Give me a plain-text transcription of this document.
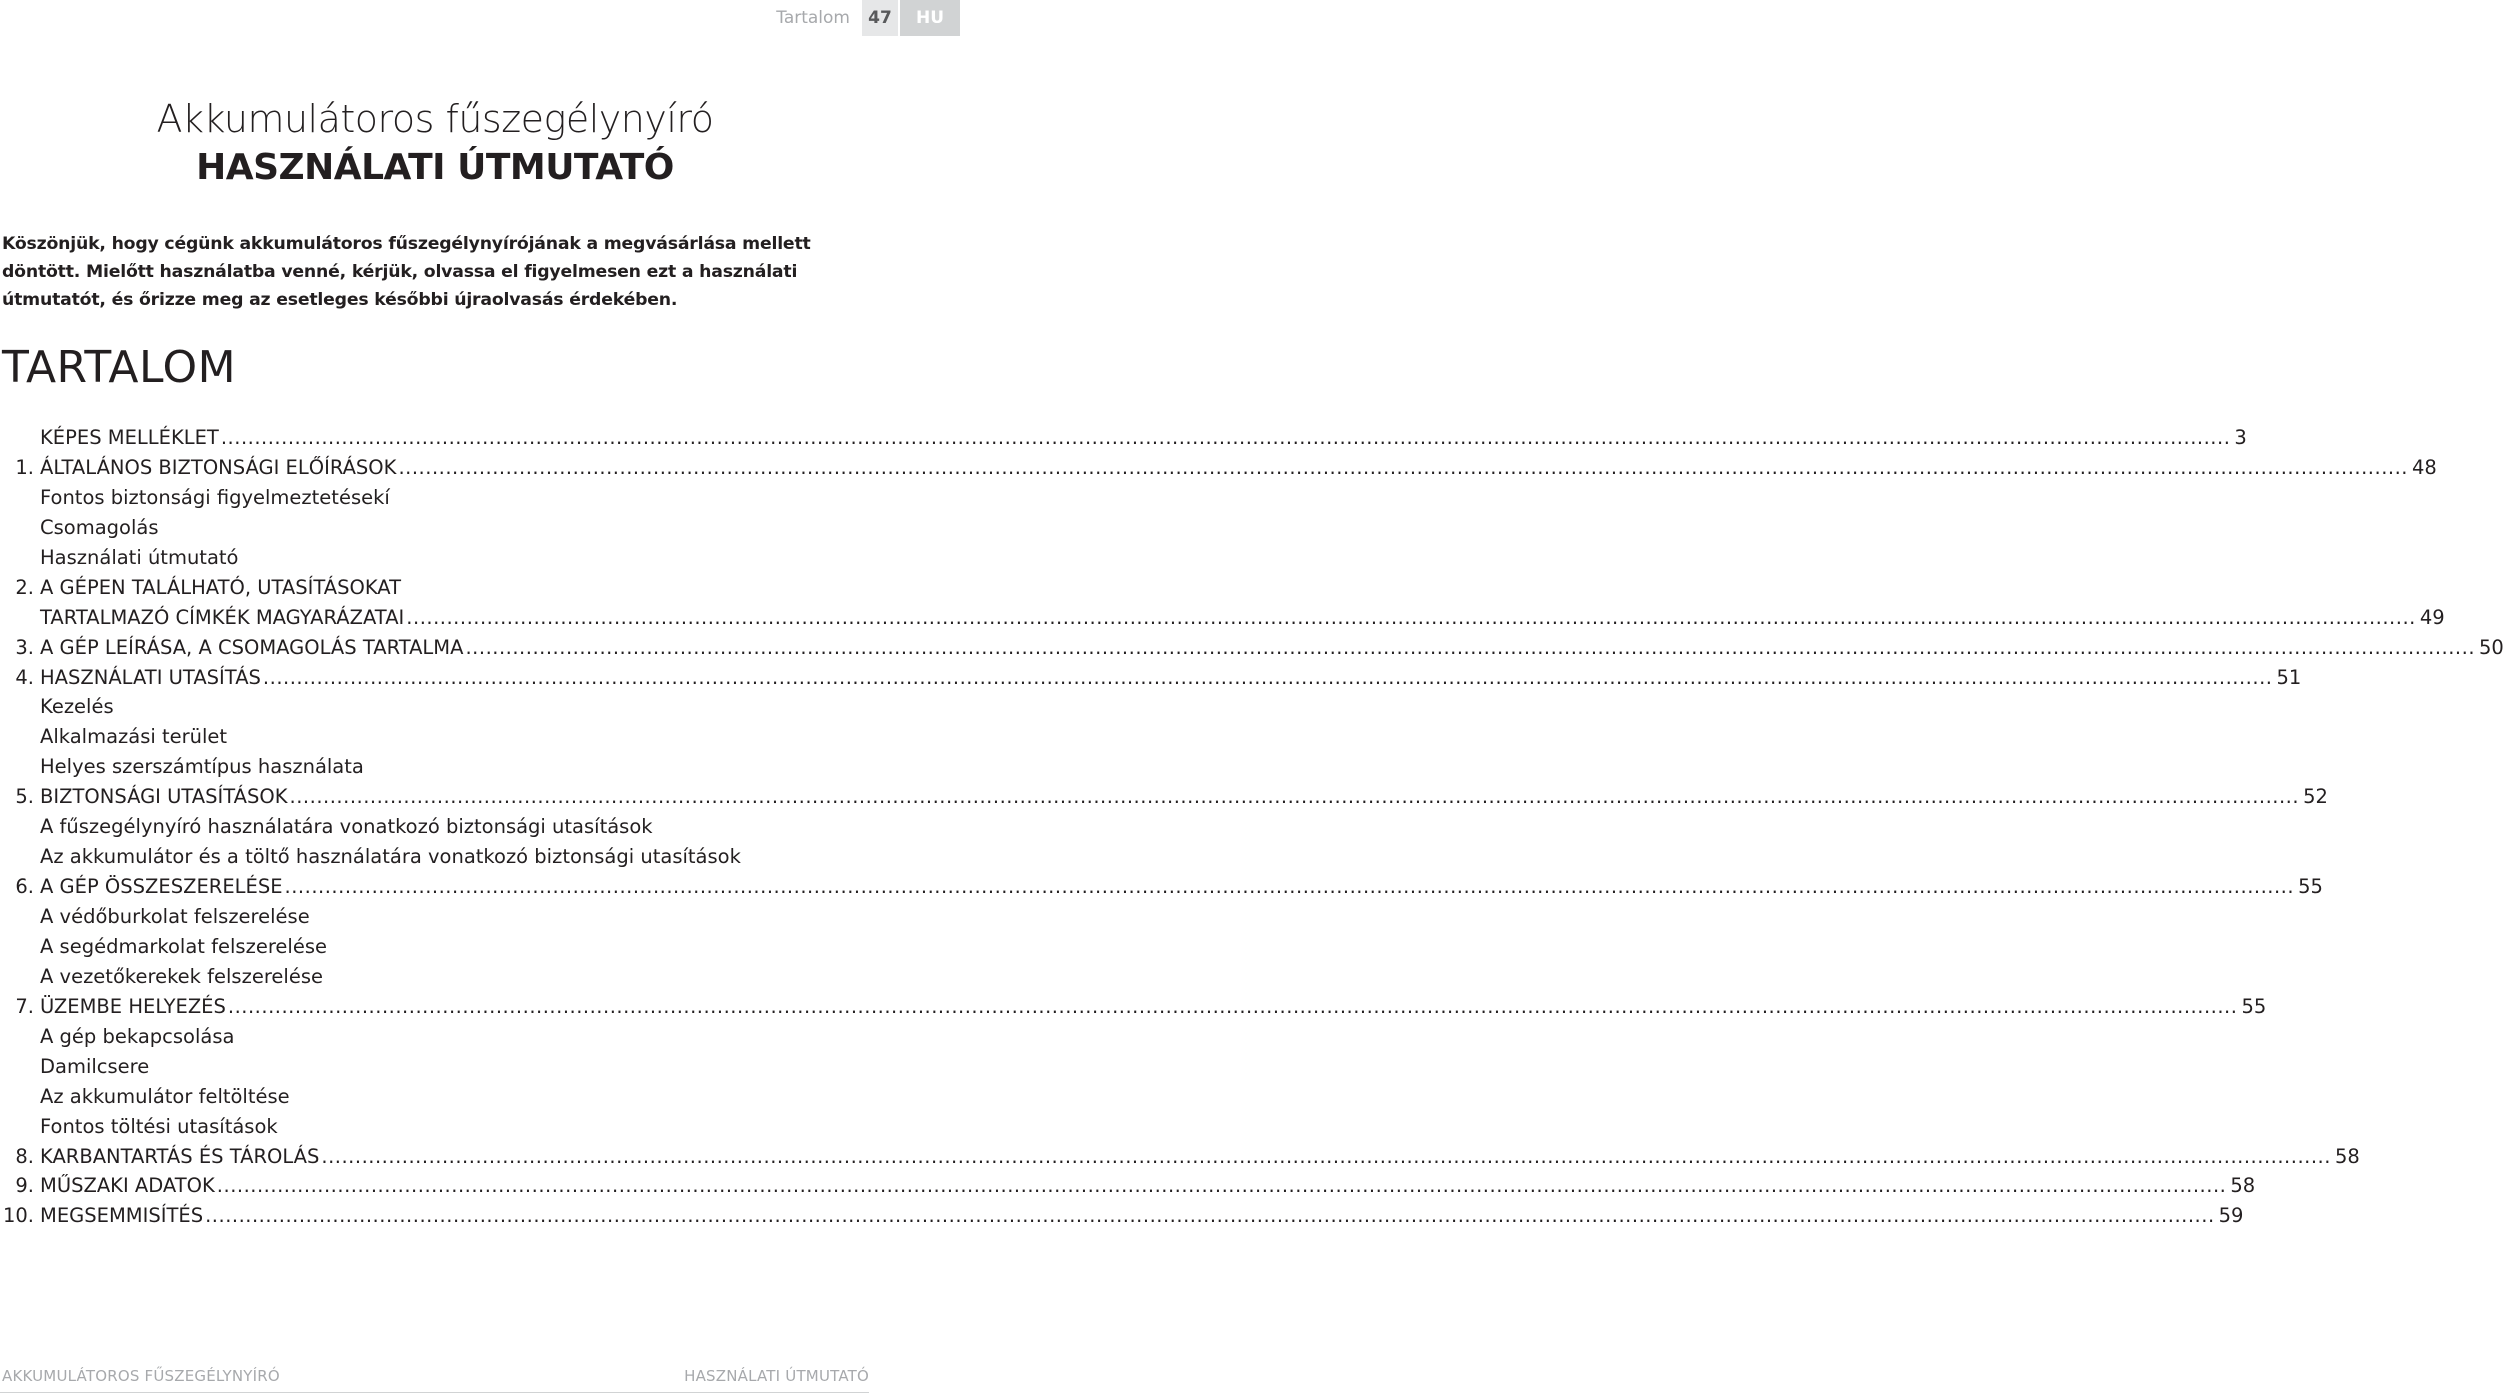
Tartalom	47	HU
Akkumulátoros fűszegélynyíró
HASZNÁLATI ÚTMUTATÓ
Köszönjük, hogy cégünk akkumulátoros fűszegélynyírójának a megvásárlása mellett döntött. Mielőtt használatba venné, kérjük, olvassa el figyelmesen ezt a használati útmutatót, és őrizze meg az esetleges későbbi újraolvasás érdekében.
TARTALOM
KÉPES MELLÉKLET ............................................................................................................................................................................................................................................................................................................ 3
1. ÁLTALÁNOS BIZTONSÁGI ELŐÍRÁSOK ............................................................................................................................................................................................................................................................................................................ 48
Fontos biztonsági figyelmeztetésekí
Csomagolás
Használati útmutató
2. A GÉPEN TALÁLHATÓ, UTASÍTÁSOKAT
TARTALMAZÓ CÍMKÉK MAGYARÁZATAI ............................................................................................................................................................................................................................................................................................................ 49
3. A GÉP LEÍRÁSA, A CSOMAGOLÁS TARTALMA ............................................................................................................................................................................................................................................................................................................ 50
4. HASZNÁLATI UTASÍTÁS ............................................................................................................................................................................................................................................................................................................ 51
Kezelés
Alkalmazási terület
Helyes szerszámtípus használata
5. BIZTONSÁGI UTASÍTÁSOK ............................................................................................................................................................................................................................................................................................................ 52
A fűszegélynyíró használatára vonatkozó biztonsági utasítások
Az akkumulátor és a töltő használatára vonatkozó biztonsági utasítások
6. A GÉP ÖSSZESZERELÉSE ............................................................................................................................................................................................................................................................................................................ 55
A védőburkolat felszerelése
A segédmarkolat felszerelése
A vezetőkerekek felszerelése
7. ÜZEMBE HELYEZÉS ............................................................................................................................................................................................................................................................................................................ 55
A gép bekapcsolása
Damilcsere
Az akkumulátor feltöltése
Fontos töltési utasítások
8. KARBANTARTÁS ÉS TÁROLÁS ............................................................................................................................................................................................................................................................................................................ 58
9. MŰSZAKI ADATOK ............................................................................................................................................................................................................................................................................................................ 58
10. MEGSEMMISÍTÉS ............................................................................................................................................................................................................................................................................................................ 59
AKKUMULÁTOROS FŰSZEGÉLYNYÍRÓ	HASZNÁLATI ÚTMUTATÓ
